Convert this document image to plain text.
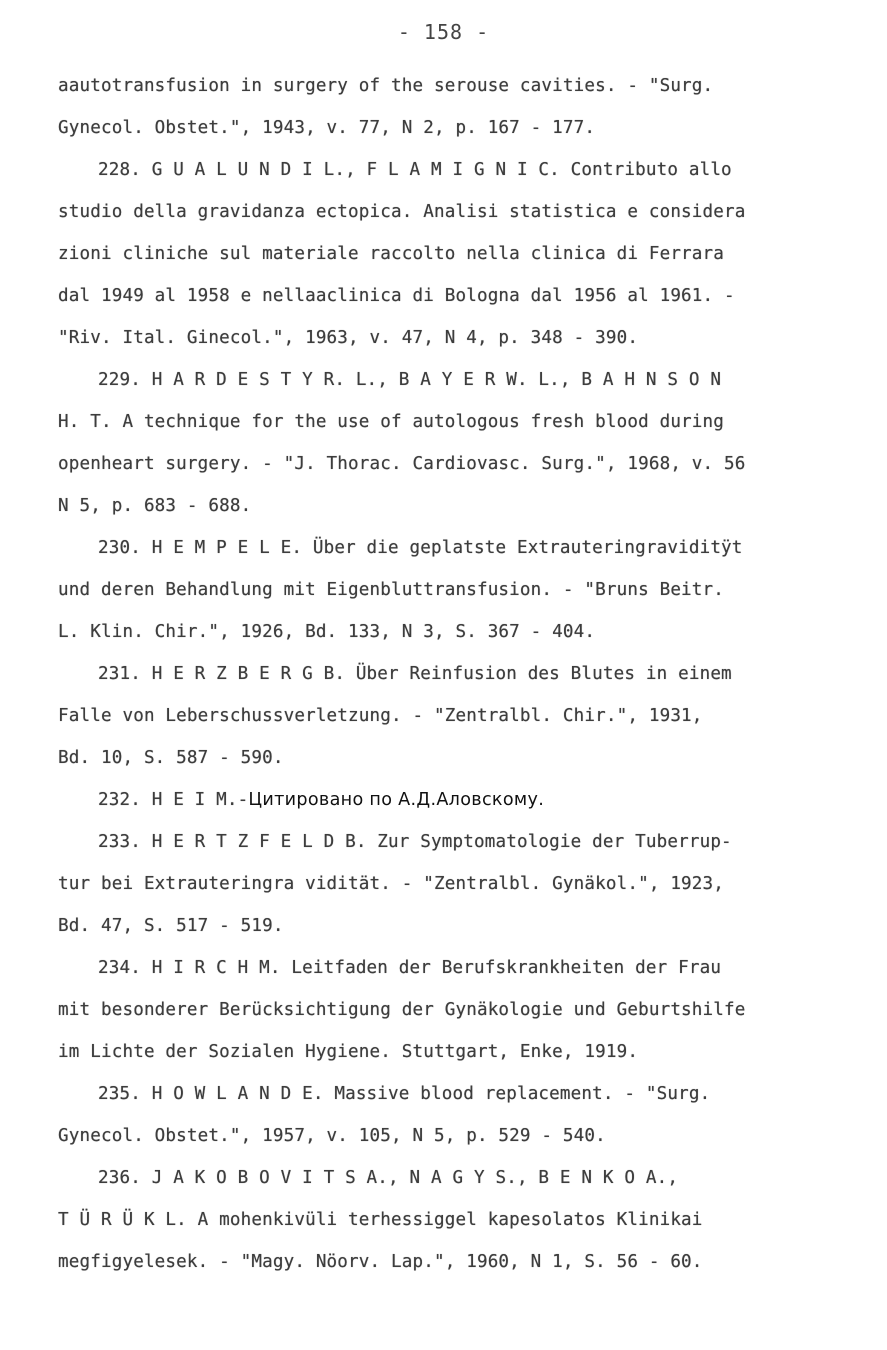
- 158 -
aautotransfusion in surgery of the serouse cavities. - "Surg.
Gynecol. Obstet.", 1943, v. 77, N 2, p. 167 - 177.
228. G U A L U N D I L., F L A M I G N I C. Contributo allo
studio della gravidanza ectopica. Analisi statistica e considera
zioni cliniche sul materiale raccolto nella clinica di Ferrara
dal 1949 al 1958 e nellaaclinica di Bologna dal 1956 al 1961. -
"Riv. Ital. Ginecol.", 1963, v. 47, N 4, p. 348 - 390.
229. H A R D E S T Y R. L., B A Y E R W. L., B A H N S O N
H. T. A technique for the use of autologous fresh blood during
openheart surgery. - "J. Thorac. Cardiovasc. Surg.", 1968, v. 56
N 5, p. 683 - 688.
230. H E M P E L E. Über die geplatste Extrauteringraviditÿt
und deren Behandlung mit Eigenbluttransfusion. - "Bruns Beitr.
L. Klin. Chir.", 1926, Bd. 133, N 3, S. 367 - 404.
231. H E R Z B E R G B. Über Reinfusion des Blutes in einem
Falle von Leberschussverletzung. - "Zentralbl. Chir.", 1931,
Bd. 10, S. 587 - 590.
232. H E I M.-Цитировано по А.Д.Аловскому.
233. H E R T Z F E L D B. Zur Symptomatologie der Tuberrup-
tur bei Extrauteringra vidität. - "Zentralbl. Gynäkol.", 1923,
Bd. 47, S. 517 - 519.
234. H I R C H M. Leitfaden der Berufskrankheiten der Frau
mit besonderer Berücksichtigung der Gynäkologie und Geburtshilfe
im Lichte der Sozialen Hygiene. Stuttgart, Enke, 1919.
235. H O W L A N D E. Massive blood replacement. - "Surg.
Gynecol. Obstet.", 1957, v. 105, N 5, p. 529 - 540.
236. J A K O B O V I T S A., N A G Y S., B E N K O A.,
T Ü R Ü K L. A mohenkivüli terhessiggel kapesolatos Klinikai
megfigyelesek. - "Magy. Nöorv. Lap.", 1960, N 1, S. 56 - 60.
